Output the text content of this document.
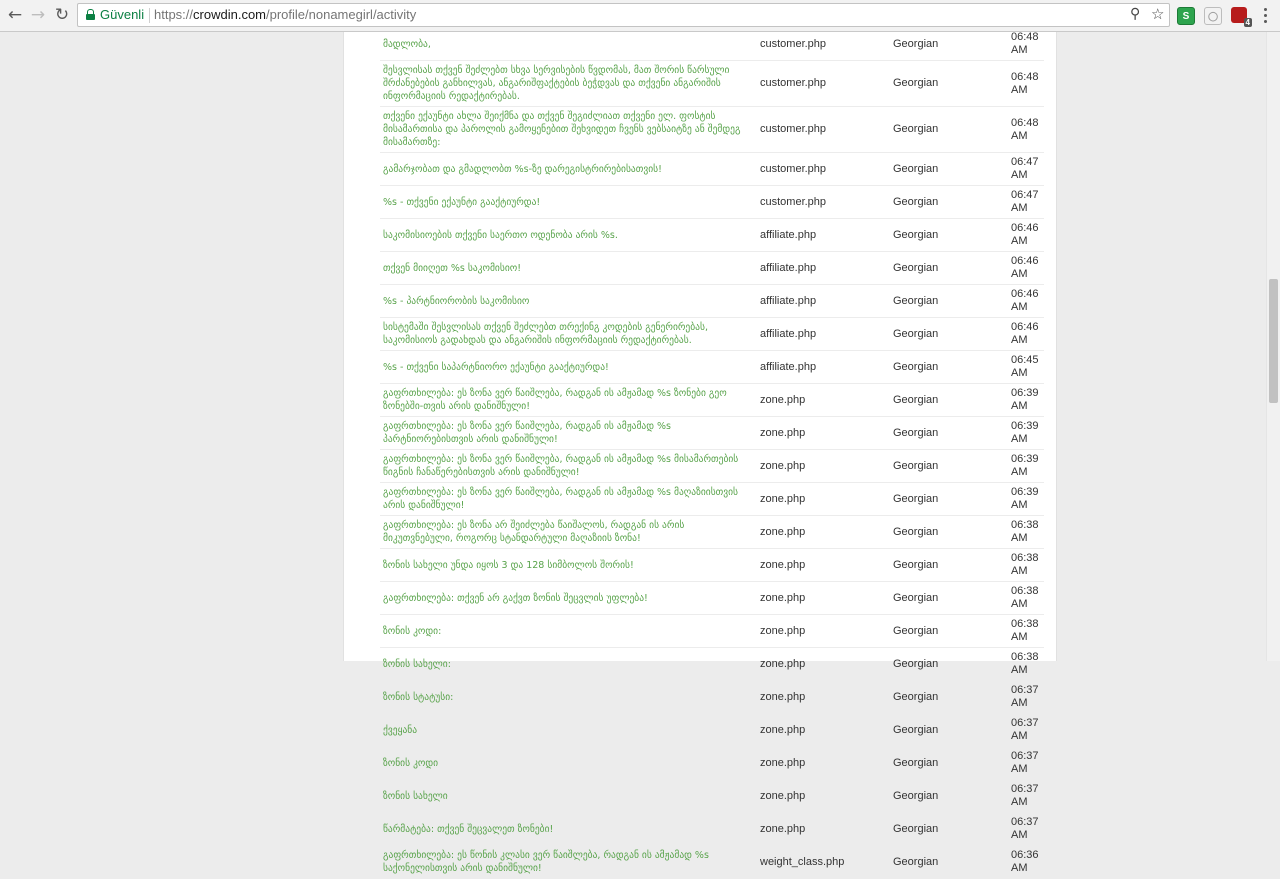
← → ↻ Güvenli https://crowdin.com/profile/nonamegirl/activity	⚲ ☆	S	◯
4
მადლობა,	customer.php	Georgian	06:48 AM
შესვლისას თქვენ შეძლებთ სხვა სერვისების წვდომას, მათ შორის წარსული შრძანებების განხილვას, ანგარიშფაქტების ბეჭდვას და თქვენი ანგარიშის ინფორმაციის რედაქტირებას.	customer.php	Georgian	06:48 AM
თქვენი ექაუნტი ახლა შეიქმნა და თქვენ შეგიძლიათ თქვენი ელ. ფოსტის მისამართისა და პაროლის გამოყენებით შეხვიდეთ ჩვენს ვებსაიტზე ან შემდეგ მისამართზე:	customer.php	Georgian	06:48 AM
გამარჯობათ და გმადლობთ %s-ზე დარეგისტრირებისათვის!	customer.php	Georgian	06:47 AM
%s - თქვენი ექაუნტი გააქტიურდა!	customer.php	Georgian	06:47 AM
საკომისიოების თქვენი საერთო ოდენობა არის %s.	affiliate.php	Georgian	06:46 AM
თქვენ მიიღეთ %s საკომისიო!	affiliate.php	Georgian	06:46 AM
%s - პარტნიორობის საკომისიო	affiliate.php	Georgian	06:46 AM
სისტემაში შესვლისას თქვენ შეძლებთ თრექინგ კოდების გენერირებას, საკომისიოს გადახდას და ანგარიშის ინფორმაციის რედაქტირებას.	affiliate.php	Georgian	06:46 AM
%s - თქვენი საპარტნიორო ექაუნტი გააქტიურდა!	affiliate.php	Georgian	06:45 AM
გაფრთხილება: ეს ზონა ვერ წაიშლება, რადგან ის ამჟამად %s ზონები გეო ზონებში-თვის არის დანიშნული!	zone.php	Georgian	06:39 AM
გაფრთხილება: ეს ზონა ვერ წაიშლება, რადგან ის ამჟამად %s პარტნიორებისთვის არის დანიშნული!	zone.php	Georgian	06:39 AM
გაფრთხილება: ეს ზონა ვერ წაიშლება, რადგან ის ამჟამად %s მისამართების წიგნის ჩანაწერებისთვის არის დანიშნული!	zone.php	Georgian	06:39 AM
გაფრთხილება: ეს ზონა ვერ წაიშლება, რადგან ის ამჟამად %s მაღაზიისთვის არის დანიშნული!	zone.php	Georgian	06:39 AM
გაფრთხილება: ეს ზონა არ შეიძლება წაიშალოს, რადგან ის არის მიკუთვნებული, როგორც სტანდარტული მაღაზიის ზონა!	zone.php	Georgian	06:38 AM
ზონის სახელი უნდა იყოს 3 და 128 სიმბოლოს შორის!	zone.php	Georgian	06:38 AM
გაფრთხილება: თქვენ არ გაქვთ ზონის შეცვლის უფლება!	zone.php	Georgian	06:38 AM
ზონის კოდი:	zone.php	Georgian	06:38 AM
ზონის სახელი:	zone.php	Georgian	06:38 AM
ზონის სტატუსი:	zone.php	Georgian	06:37 AM
ქვეყანა	zone.php	Georgian	06:37 AM
ზონის კოდი	zone.php	Georgian	06:37 AM
ზონის სახელი	zone.php	Georgian	06:37 AM
წარმატება: თქვენ შეცვალეთ ზონები!	zone.php	Georgian	06:37 AM
გაფრთხილება: ეს წონის კლასი ვერ წაიშლება, რადგან ის ამჟამად %s საქონელისთვის არის დანიშნული!	weight_class.php	Georgian	06:36 AM
